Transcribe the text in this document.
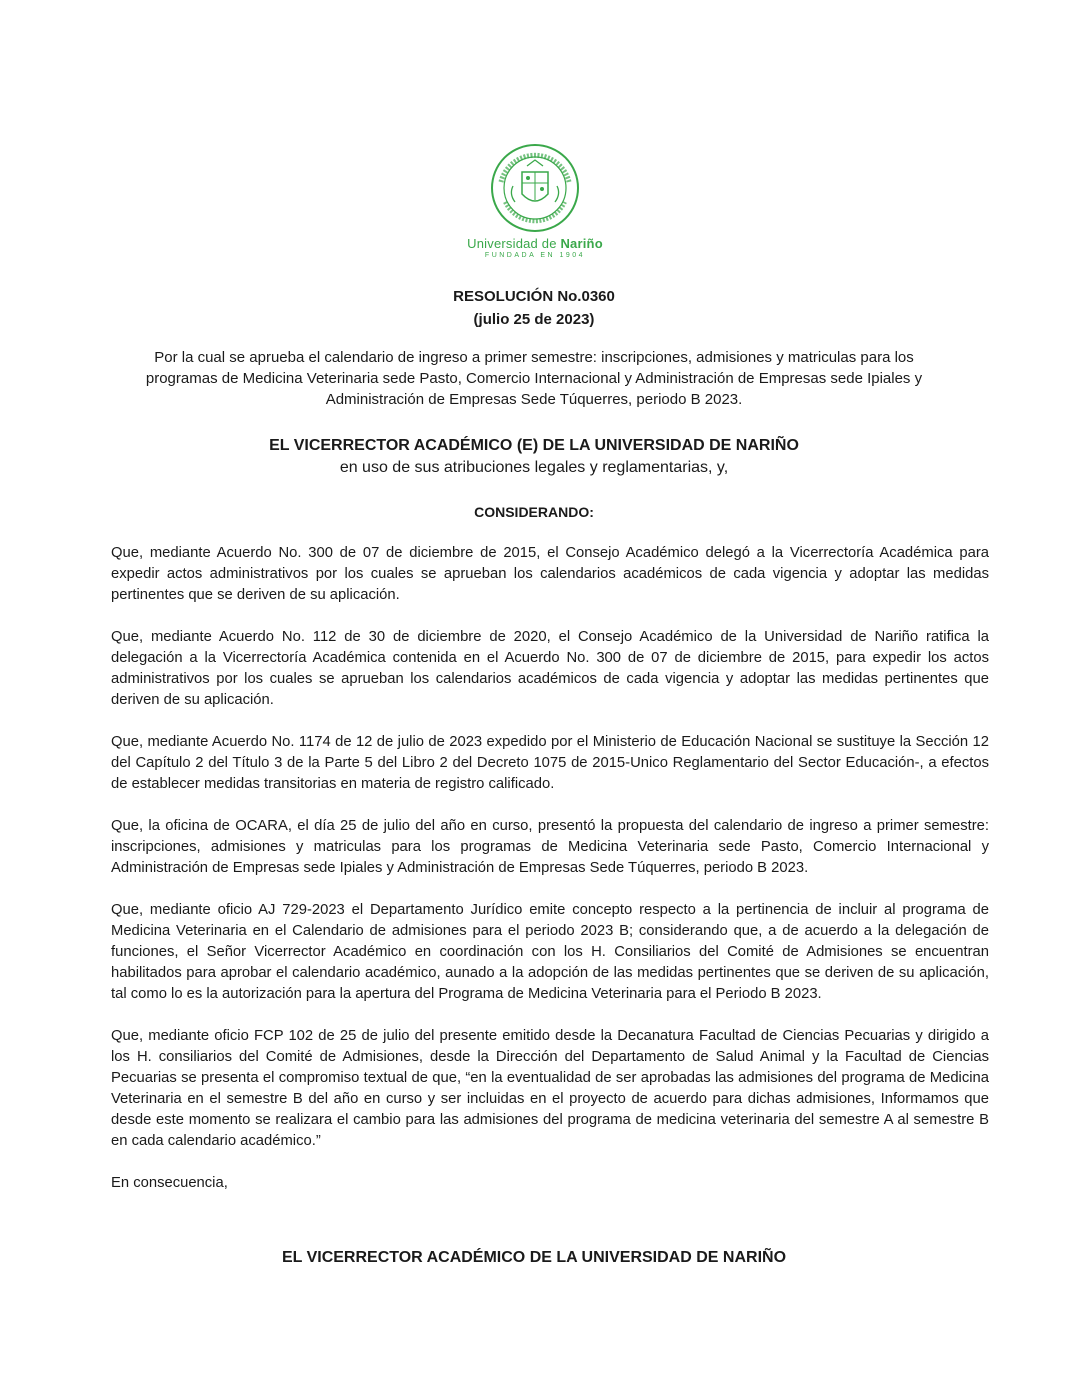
Universidad de Nariño
FUNDADA EN 1904
RESOLUCIÓN No.0360
(julio 25 de 2023)
Por la cual se aprueba el calendario de ingreso a primer semestre: inscripciones, admisiones y matriculas para los programas de Medicina Veterinaria sede Pasto, Comercio Internacional y Administración de Empresas sede Ipiales y Administración de Empresas Sede Túquerres, periodo B 2023.
EL VICERRECTOR ACADÉMICO (E) DE LA UNIVERSIDAD DE NARIÑO
en uso de sus atribuciones legales y reglamentarias, y,
CONSIDERANDO:

Que, mediante Acuerdo No. 300 de 07 de diciembre de 2015, el Consejo Académico delegó a la Vicerrectoría Académica para expedir actos administrativos por los cuales se aprueban los calendarios académicos de cada vigencia y adoptar las medidas pertinentes que se deriven de su aplicación.

Que, mediante Acuerdo No. 112 de 30 de diciembre de 2020, el Consejo Académico de la Universidad de Nariño ratifica la delegación a la Vicerrectoría Académica contenida en el Acuerdo No. 300 de 07 de diciembre de 2015, para expedir los actos administrativos por los cuales se aprueban los calendarios académicos de cada vigencia y adoptar las medidas pertinentes que deriven de su aplicación.

Que, mediante Acuerdo No. 1174 de 12 de julio de 2023 expedido por el Ministerio de Educación Nacional se sustituye la Sección 12 del Capítulo 2 del Título 3 de la Parte 5 del Libro 2 del Decreto 1075 de 2015-Unico Reglamentario del Sector Educación-, a efectos de establecer medidas transitorias en materia de registro calificado.

Que, la oficina de OCARA, el día 25 de julio del año en curso, presentó la propuesta del calendario de ingreso a primer semestre: inscripciones, admisiones y matriculas para los programas de Medicina Veterinaria sede Pasto, Comercio Internacional y Administración de Empresas sede Ipiales y Administración de Empresas Sede Túquerres, periodo B 2023.

Que, mediante oficio AJ 729-2023 el Departamento Jurídico emite concepto respecto a la pertinencia de incluir al programa de Medicina Veterinaria en el Calendario de admisiones para el periodo 2023 B; considerando que, a de acuerdo a la delegación de funciones, el Señor Vicerrector Académico en coordinación con los H. Consiliarios del Comité de Admisiones se encuentran habilitados para aprobar el calendario académico, aunado a la adopción de las medidas pertinentes que se deriven de su aplicación, tal como lo es la autorización para la apertura del Programa de Medicina Veterinaria para el Periodo B 2023.

Que, mediante oficio FCP 102 de 25 de julio del presente emitido desde la Decanatura Facultad de Ciencias Pecuarias y dirigido a los H. consiliarios del Comité de Admisiones, desde la Dirección del Departamento de Salud Animal y la Facultad de Ciencias Pecuarias se presenta el compromiso textual de que, “en la eventualidad de ser aprobadas las admisiones del programa de Medicina Veterinaria en el semestre B del año en curso y ser incluidas en el proyecto de acuerdo para dichas admisiones, Informamos que desde este momento se realizara el cambio para las admisiones del programa de medicina veterinaria del semestre A al semestre B en cada calendario académico.”

En consecuencia,

EL VICERRECTOR ACADÉMICO DE LA UNIVERSIDAD DE NARIÑO
